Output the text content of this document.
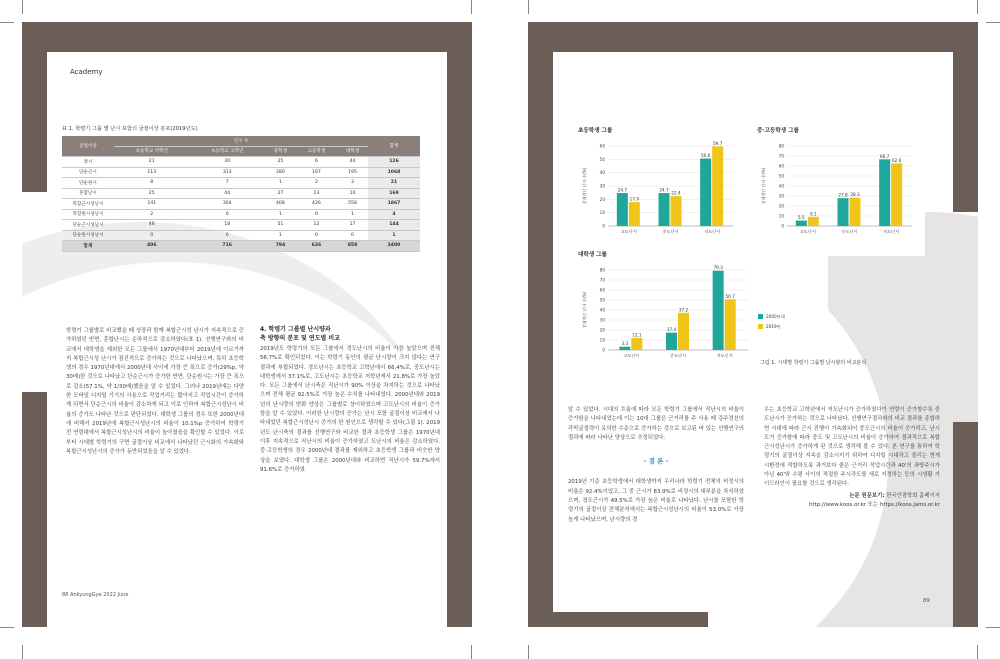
Academy
표 1. 학령기 그룹 별 난시 포함의 굴절이상 분포(2019년도)
굴절이상	인구 수					합계
	초등학교 저학년	초등학교 고학년	중학생	고등학생	대학생	
정시	21	30	25	6	44	126
단순근시	113	313	280	167	195	1068
단순원시	8	7	1	2	3	21
혼합난시	25	44	27	13	10	169
복합근시성난시	141	304	408	426	558	1867
복합원시성난시	2	0	1	0	1	4
단순근시성난시	46	18	51	12	17	144
단순원시성난시	0	0	1	0	0	1
합계	406	716	794	626	858	3400

학령기 그룹별로 비교했을 때 성장과 함께 복합근시성 난시가 지속적으로 증가하였던 반면, 혼합난시는 순차적으로 감소하였다(표 1). 선행연구와의 비교에서 대학생을 제외한 모든 그룹에서 1970년대부터 2019년에 이르기까지 복합근시성 난시가 점진적으로 증가하는 것으로 나타났으며, 특히 초등학생의 경우 1970년대에서 2000년대 사이에 가장 큰 폭으로 증가(29%p, 약 30배)한 것으로 나타났고 단순근시가 증가한 반면, 단순원시는 가장 큰 폭으로 감소(57.1%, 약 1/30배)했음을 알 수 있었다. 그러나 2019년에는 다양한 모바일 디지털 기기의 사용으로 작업거리는 짧아지고 작업시간이 증가하게 되면서 단순근시의 비율이 감소하게 되고 이로 인하여 복합근시성난시 비율의 증가도 나타난 것으로 판단되었다. 대학생 그룹의 경우 또한 2000년대에 비해서 2019년에 복합근시성난시의 비율이 10.1%p 증가하여 학령기 전 연령대에서 복합근시성난시의 비율이 높아졌음을 확인할 수 있었다. 이로부터 시대별 학령기의 구면 굴절이상 비교에서 나타났던 근시화의 가속화와 복합근시성난시의 증가가 동반되었음을 알 수 있었다.

4. 학령기 그룹별 난시량과
축 방향의 분포 및 연도별 비교
2019년도 학령기의 모든 그룹에서 경도난시의 비율이 가장 높았으며 전체 56.7%로 확인되었다. 이는 학령기 동안의 평균 난시량이 크지 않다는 연구 결과에 부합되었다. 경도난시는 초등학교 고학년에서 66.4%로, 중도난시는 대학생에서 37.1%로, 고도난시는 초등학교 저학년에서 21.8%로 가장 높았다. 모든 그룹에서 난시축은 직난시가 90% 이상을 차지하는 것으로 나타났으며 전체 평균 92.5%로 가장 높은 수치를 나타내었다. 2000년대와 2019년의 난시량의 변화 양상은 그룹별로 상이하였으며 고도난시의 비율이 증가함을 알 수 있었다. 이러한 난시량의 증가는 난시 포함 굴절이상 비교에서 나타내었던 복합근시성난시 증가의 한 원인으로 생각할 수 있다(그림 1). 2019년도 난시축의 결과를 선행연구와 비교한 결과 초등학생 그룹은 1970년대 이후 지속적으로 직난시의 비율이 증가하였고 도난시의 비율은 감소하였다. 중·고등학생의 경우 2000년대 결과를 제외하고 초등학생 그룹과 비슷한 양상을 보였다. 대학생 그룹은 2000년대와 비교하면 직난시가 59.7%에서 91.6%로 증가하였
88 AnkyungGye 2022 June
초등학생 그룹
0
10
20
30
40
50
60
상대적인 난시 수(%)
고도난시
24.7
17.9
중도난시
24.7
22.4
저도난시
50.6
59.7
중·고등학생 그룹
0
10
20
30
40
50
60
70
80
상대적인 난시 수(%)
고도난시
5.5
9.1
중도난시
27.8 28.3
저도난시
66.7
62.6
대학생 그룹
0
10
20
30
40
50
60
70
80
상대적인 난시 수(%)
고도난시
3.3
12.1
중도난시
17.4
37.2
저도난시
79.3
50.7
2000년대
2019년
그림 1. 시대별 학령기 그룹별 난시량의 비교분석

알 수 있었다. 시대의 흐름에 따라 모든 학령기 그룹에서 직난시의 비율이 증가함을 나타내었는데 이는 10대 그룹은 근거리를 주 사용 때 강주경선의 각막굴절력이 유의한 수준으로 증가하는 것으로 보고된 바 있는 선행연구의 결과에 따라 나타난 양상으로 추정되었다.

– 결 론 –

2019년 기준 초등학생에서 대학생까지 우리나라 학령기 전체의 비정시의 비율은 92.4%이었고, 그 중 근시가 83.9%로 비정시의 대부분을 차지하였으며, 경도근시가 49.5%로 가장 높은 비율로 나타났다. 난시를 포함한 학령기의 굴절이상 전체분석에서는 복합근시성난시의 비율이 53.0%로 가장 높게 나타났으며, 난시량의 경

우는 초등학교 고학년에서 저도난시가 증가하였다가 연령이 증가할수록 중도난시가 증가하는 것으로 나타났다. 선행연구결과와의 비교 결과를 종합하면 시대에 따라 근시 진행이 가속화되어 중도근시의 비율이 증가하고, 난시도가 증가함에 따라 중도 및 고도난시의 비율이 증가하여 결과적으로 복합근시성난시가 증가하게 된 것으로 생각해 볼 수 있다. 본 연구를 통하여 학령기의 굴절이상 지속을 감소시키기 위하여 디지털 시대하고 불리는 현재 시환경에 적합하도록 과거보다 좋은 근거리 작업시간과 40'의 좌방주시가 아닌 40'와 수평 사이의 적절한 주시각도를 새로 지정하는 등의 시생활 가이드라인이 필요할 것으로 생각된다.

논문 원문보기: 한국안광학회 홈페이지
http://www.koos.or.kr 또는 https://koos.jams.or.kr
89
